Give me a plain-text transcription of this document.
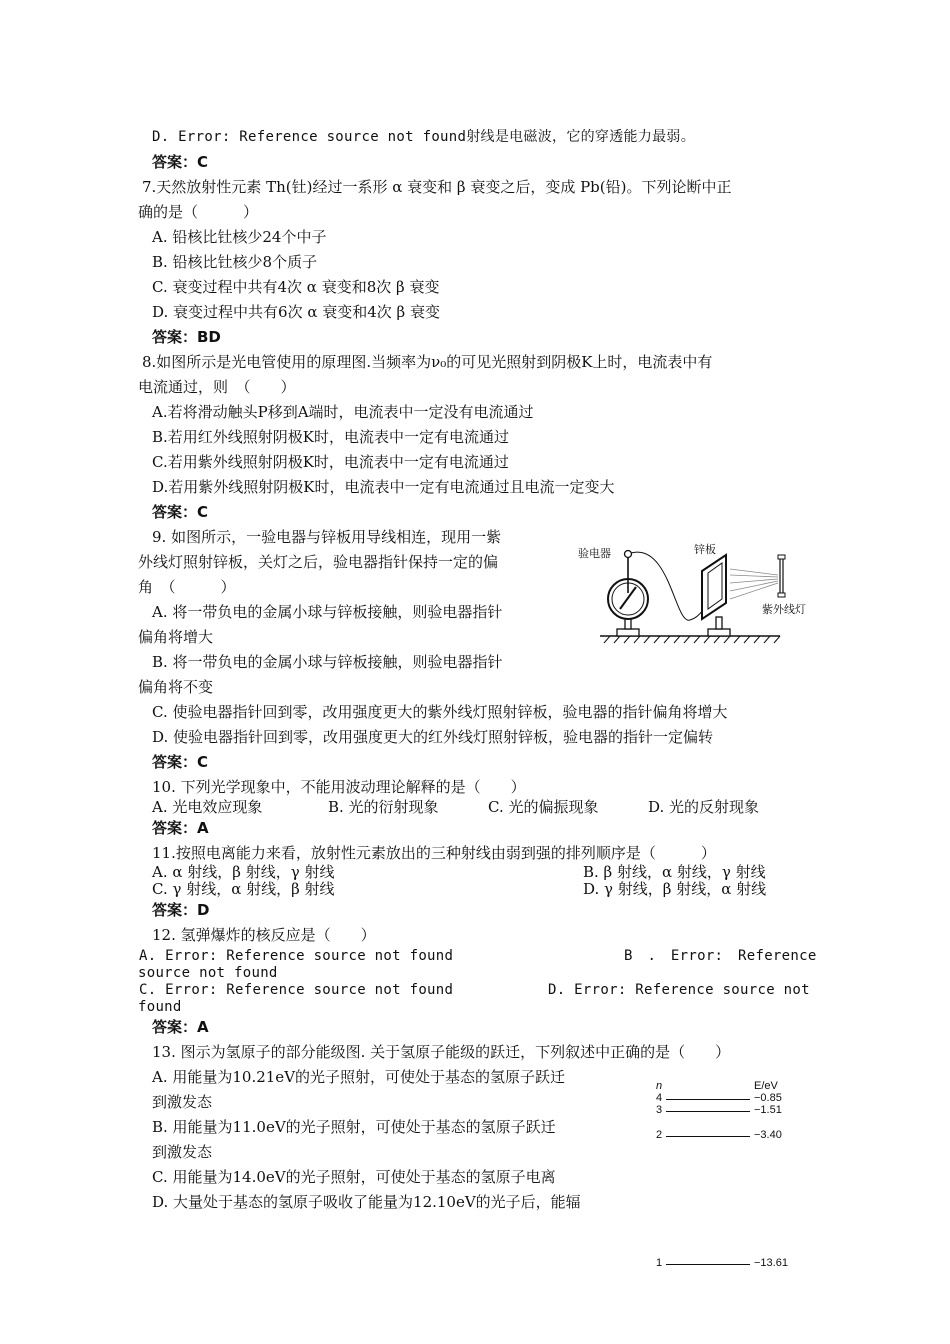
D. Error: Reference source not found射线是电磁波，它的穿透能力最弱。
答案：C
7.天然放射性元素 Th(钍)经过一系形 α 衰变和 β 衰变之后，变成 Pb(铅)。下列论断中正
确的是（　　　）
A. 铅核比钍核少24个中子
B. 铅核比钍核少8个质子
C. 衰变过程中共有4次 α 衰变和8次 β 衰变
D. 衰变过程中共有6次 α 衰变和4次 β 衰变
答案：BD
8.如图所示是光电管使用的原理图.当频率为ν₀的可见光照射到阴极K上时，电流表中有
电流通过，则　（　　）
A.若将滑动触头P移到A端时，电流表中一定没有电流通过
B.若用红外线照射阴极K时，电流表中一定有电流通过
C.若用紫外线照射阴极K时，电流表中一定有电流通过
D.若用紫外线照射阴极K时，电流表中一定有电流通过且电流一定变大
答案：C
9. 如图所示，一验电器与锌板用导线相连，现用一紫
外线灯照射锌板，关灯之后，验电器指针保持一定的偏
角　（　　　）
A. 将一带负电的金属小球与锌板接触，则验电器指针
偏角将增大
B. 将一带负电的金属小球与锌板接触，则验电器指针
偏角将不变
C. 使验电器指针回到零，改用强度更大的紫外线灯照射锌板，验电器的指针偏角将增大
D. 使验电器指针回到零，改用强度更大的红外线灯照射锌板，验电器的指针一定偏转
答案：C
验电器	锌板
紫外线灯
10. 下列光学现象中，不能用波动理论解释的是（　　）
A. 光电效应现象	B. 光的衍射现象	C. 光的偏振现象	D. 光的反射现象
答案：A
11.按照电离能力来看，放射性元素放出的三种射线由弱到强的排列顺序是（　　　）
A. α 射线，β 射线，γ 射线	B. β 射线，α 射线，γ 射线
C. γ 射线，α 射线，β 射线	D. γ 射线，β 射线，α 射线
答案：D
12. 氢弹爆炸的核反应是（　　）
A. Error: Reference source not found	B . Error: Reference
source not found
C. Error: Reference source not found	D. Error: Reference source not
found
答案：A
13. 图示为氢原子的部分能级图. 关于氢原子能级的跃迁，下列叙述中正确的是（　　）
A. 用能量为10.21eV的光子照射，可使处于基态的氢原子跃迁
到激发态
B. 用能量为11.0eV的光子照射，可使处于基态的氢原子跃迁
到激发态
C. 用能量为14.0eV的光子照射，可使处于基态的氢原子电离
D. 大量处于基态的氢原子吸收了能量为12.10eV的光子后，能辐
n	E/eV
4	−0.85
3	−1.51
2	−3.40
1	−13.61
